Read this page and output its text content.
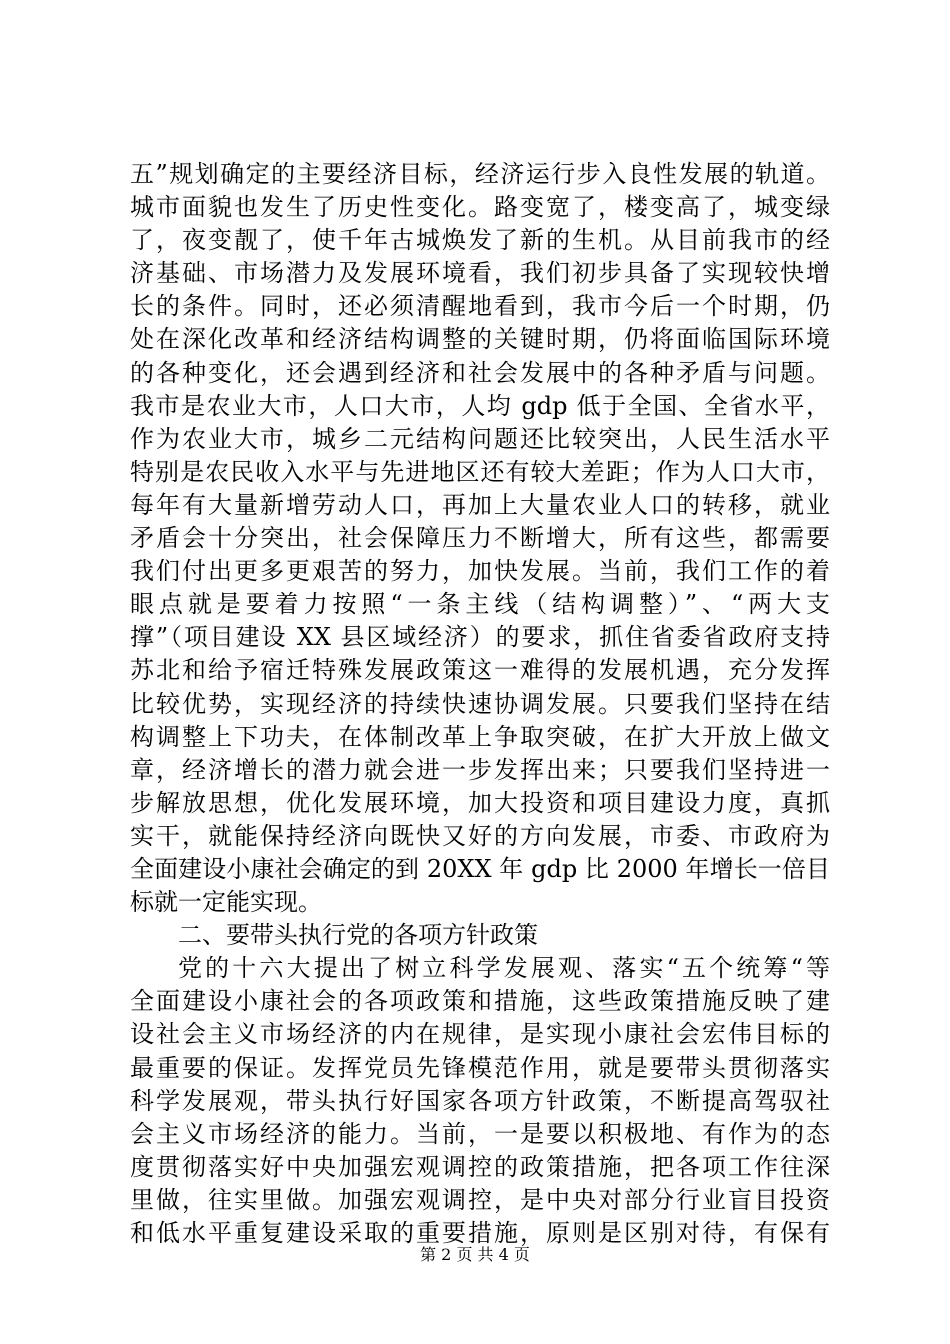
五”规划确定的主要经济目标，经济运行步入良性发展的轨道。
城市面貌也发生了历史性变化。路变宽了，楼变高了，城变绿
了，夜变靓了，使千年古城焕发了新的生机。从目前我市的经
济基础、市场潜力及发展环境看，我们初步具备了实现较快增
长的条件。同时，还必须清醒地看到，我市今后一个时期，仍
处在深化改革和经济结构调整的关键时期，仍将面临国际环境
的各种变化，还会遇到经济和社会发展中的各种矛盾与问题。
我市是农业大市，人口大市，人均 gdp 低于全国、全省水平，
作为农业大市，城乡二元结构问题还比较突出，人民生活水平
特别是农民收入水平与先进地区还有较大差距；作为人口大市，
每年有大量新增劳动人口，再加上大量农业人口的转移，就业
矛盾会十分突出，社会保障压力不断增大，所有这些，都需要
我们付出更多更艰苦的努力，加快发展。当前，我们工作的着
眼点就是要着力按照“一条主线（结构调整）”、“两大支
撑”（项目建设 XX 县区域经济）的要求，抓住省委省政府支持
苏北和给予宿迁特殊发展政策这一难得的发展机遇，充分发挥
比较优势，实现经济的持续快速协调发展。只要我们坚持在结
构调整上下功夫，在体制改革上争取突破，在扩大开放上做文
章，经济增长的潜力就会进一步发挥出来；只要我们坚持进一
步解放思想，优化发展环境，加大投资和项目建设力度，真抓
实干，就能保持经济向既快又好的方向发展，市委、市政府为
全面建设小康社会确定的到 20XX 年 gdp 比 2000 年增长一倍目
标就一定能实现。
二、要带头执行党的各项方针政策
党的十六大提出了树立科学发展观、落实“五个统筹“等
全面建设小康社会的各项政策和措施，这些政策措施反映了建
设社会主义市场经济的内在规律，是实现小康社会宏伟目标的
最重要的保证。发挥党员先锋模范作用，就是要带头贯彻落实
科学发展观，带头执行好国家各项方针政策，不断提高驾驭社
会主义市场经济的能力。当前，一是要以积极地、有作为的态
度贯彻落实好中央加强宏观调控的政策措施，把各项工作往深
里做，往实里做。加强宏观调控，是中央对部分行业盲目投资
和低水平重复建设采取的重要措施，原则是区别对待，有保有
第 2 页 共 4 页
